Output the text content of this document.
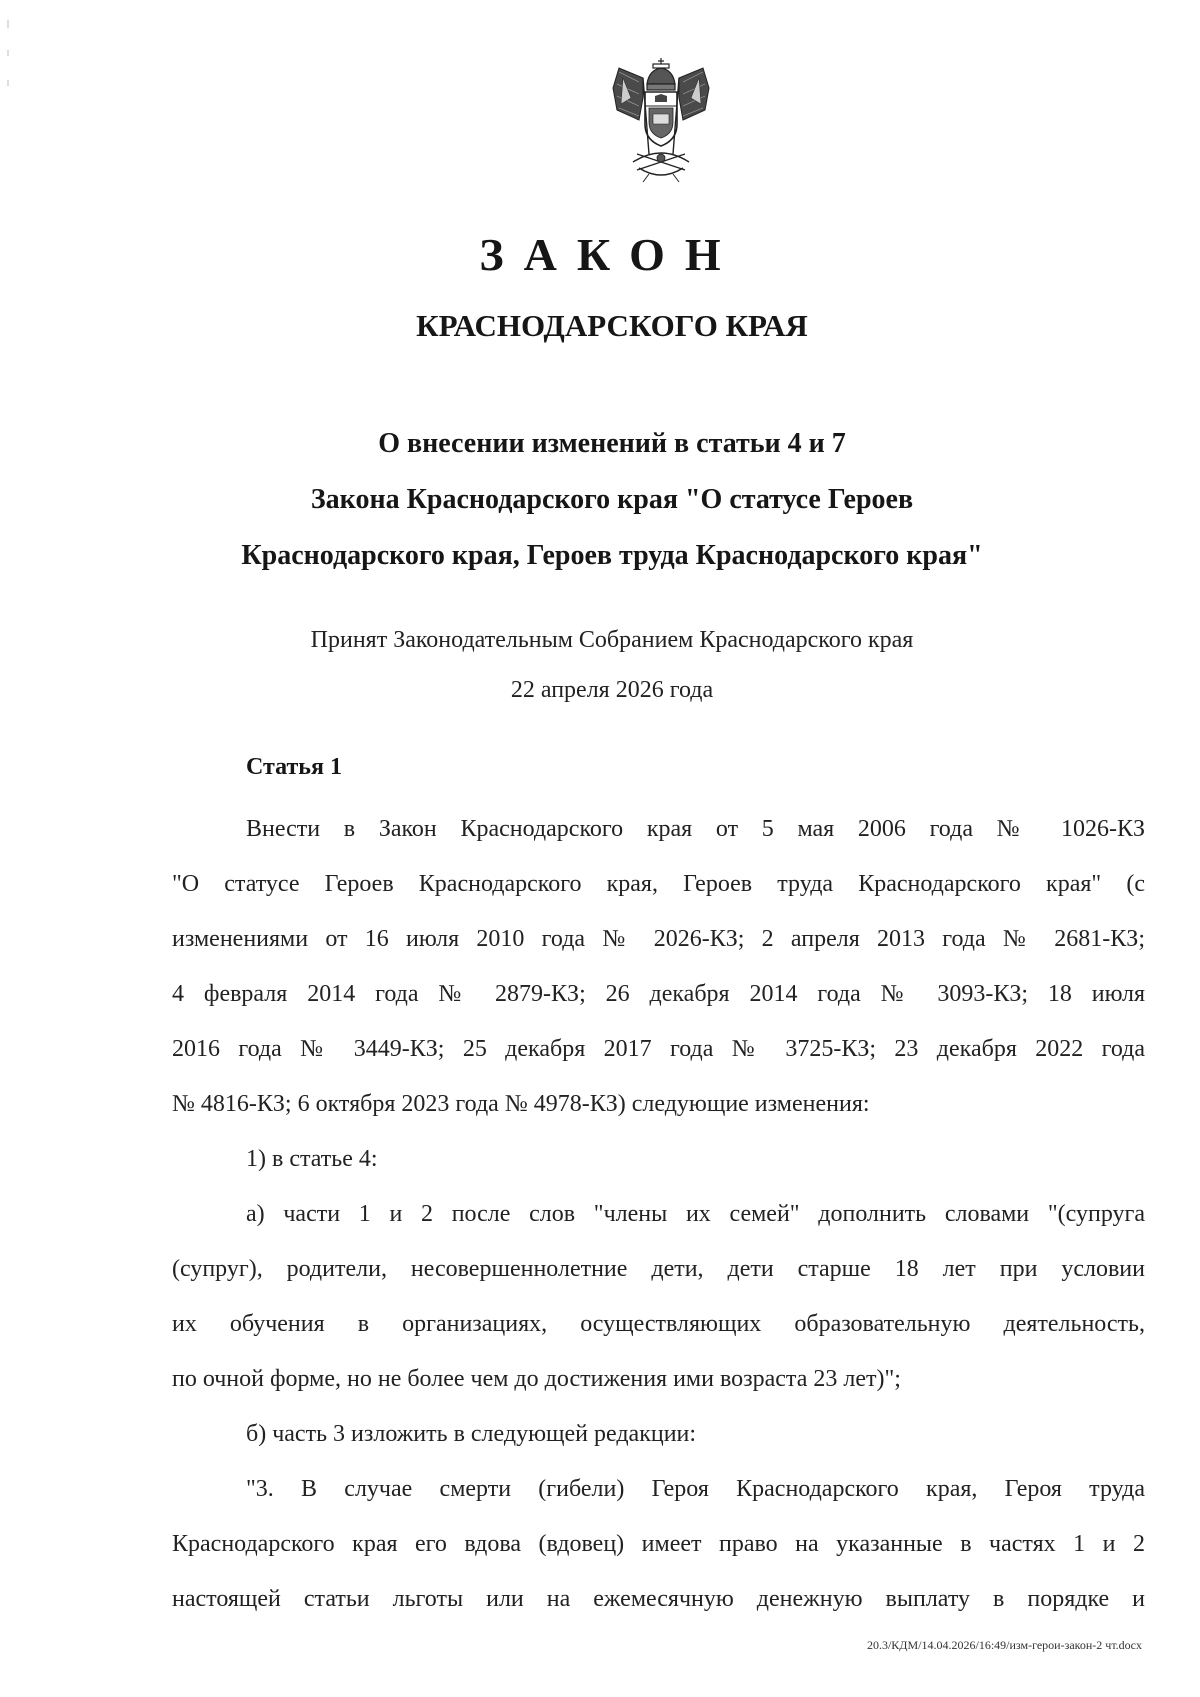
ЗАКОН
КРАСНОДАРСКОГО КРАЯ
О внесении изменений в статьи 4 и 7
Закона Краснодарского края "О статусе Героев
Краснодарского края, Героев труда Краснодарского края"
Принят Законодательным Собранием Краснодарского края
22 апреля 2026 года
Статья 1
Внести в Закон Краснодарского края от 5 мая 2006 года № 1026-КЗ
"О статусе Героев Краснодарского края, Героев труда Краснодарского края" (с
изменениями от 16 июля 2010 года № 2026-КЗ; 2 апреля 2013 года № 2681-КЗ;
4 февраля 2014 года № 2879-КЗ; 26 декабря 2014 года № 3093-КЗ; 18 июля
2016 года № 3449-КЗ; 25 декабря 2017 года № 3725-КЗ; 23 декабря 2022 года
№ 4816-КЗ; 6 октября 2023 года № 4978-КЗ) следующие изменения:
1) в статье 4:
а) части 1 и 2 после слов "члены их семей" дополнить словами "(супруга
(супруг), родители, несовершеннолетние дети, дети старше 18 лет при условии
их обучения в организациях, осуществляющих образовательную деятельность,
по очной форме, но не более чем до достижения ими возраста 23 лет)";
б) часть 3 изложить в следующей редакции:
"3. В случае смерти (гибели) Героя Краснодарского края, Героя труда
Краснодарского края его вдова (вдовец) имеет право на указанные в частях 1 и 2
настоящей статьи льготы или на ежемесячную денежную выплату в порядке и
20.3/КДМ/14.04.2026/16:49/изм-герои-закон-2 чт.docx
